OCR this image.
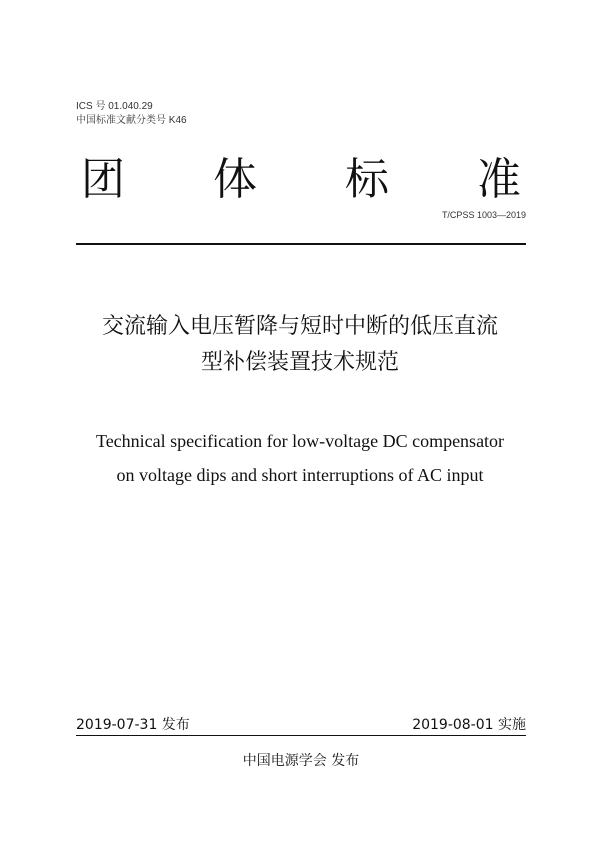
ICS 号 01.040.29
中国标准文献分类号 K46
团 体 标 准
T/CPSS 1003—2019
交流输入电压暂降与短时中断的低压直流
型补偿装置技术规范
Technical specification for low-voltage DC compensator
on voltage dips and short interruptions of AC input
2019-07-31 发布	2019-08-01 实施
中国电源学会 发布
